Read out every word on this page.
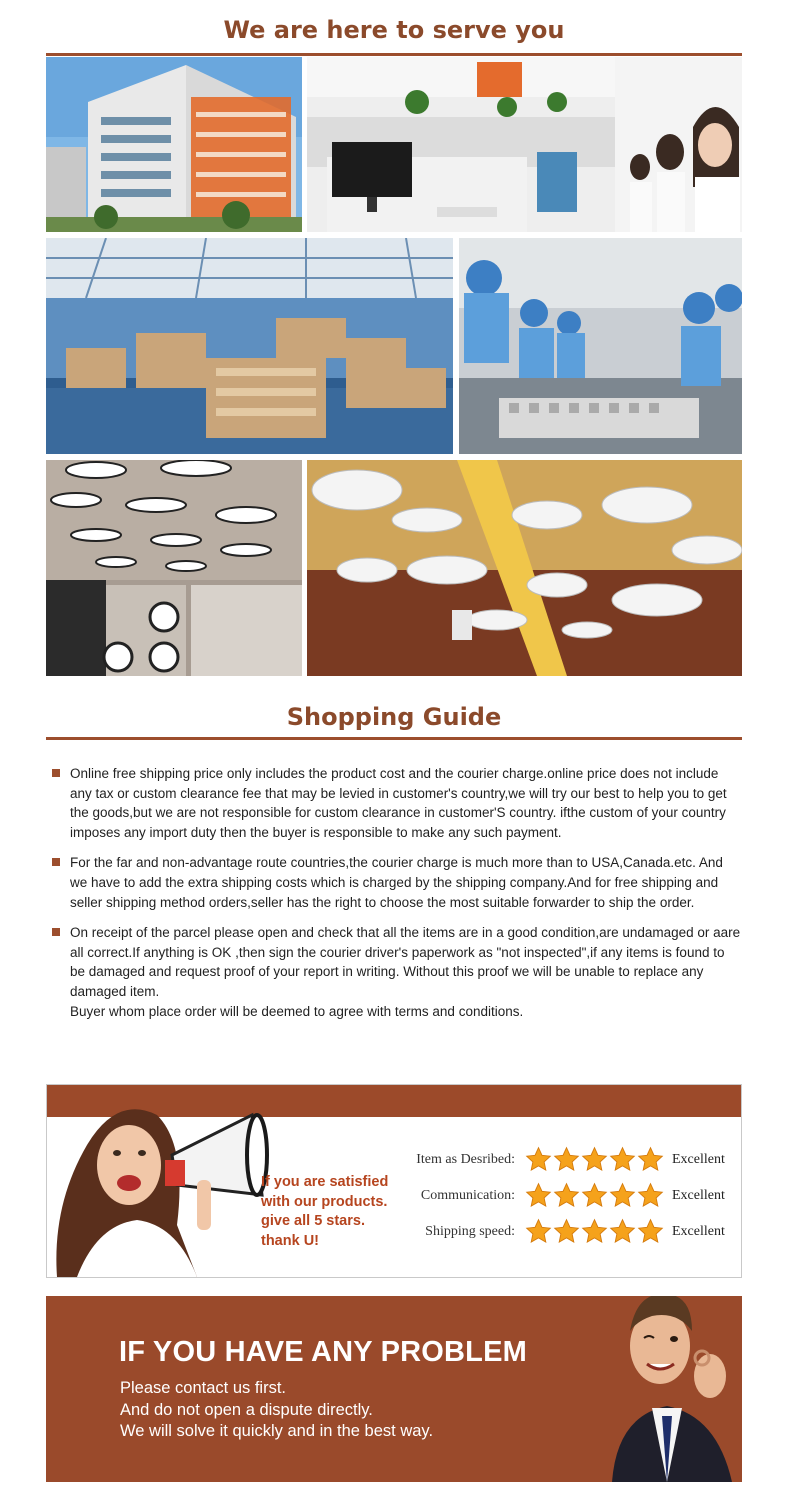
We are here to serve you
Shopping Guide
Online free shipping price only includes the product cost and the courier charge.online price does not include any tax or custom clearance fee that may be levied in customer's country,we will try our best to help you to get the goods,but we are not responsible for custom clearance in customer'S country. ifthe custom of your country imposes any import duty then the buyer is responsible to make any such payment.
For the far and non-advantage route countries,the courier charge is much more than to USA,Canada.etc. And we have to add the extra shipping costs which is charged by the shipping company.And for free shipping and seller shipping method orders,seller has the right to choose the most suitable forwarder to ship the order.
On receipt of the parcel please open and check that all the items are in a good condition,are undamaged or aare all correct.If anything is OK ,then sign the courier driver's paperwork as "not inspected",if any items is found to be damaged and request proof of your report in writing. Without this proof we will be unable to replace any damaged item.
Buyer whom place order will be deemed to agree with terms and conditions.
If you are satisfied
with our products.
give all 5 stars.
thank U!
Item as Desribed:	Excellent
Communication:	Excellent
Shipping speed:	Excellent
IF YOU HAVE ANY PROBLEM
Please contact us first.
And do not open a dispute directly.
We will solve it quickly and in the best way.
